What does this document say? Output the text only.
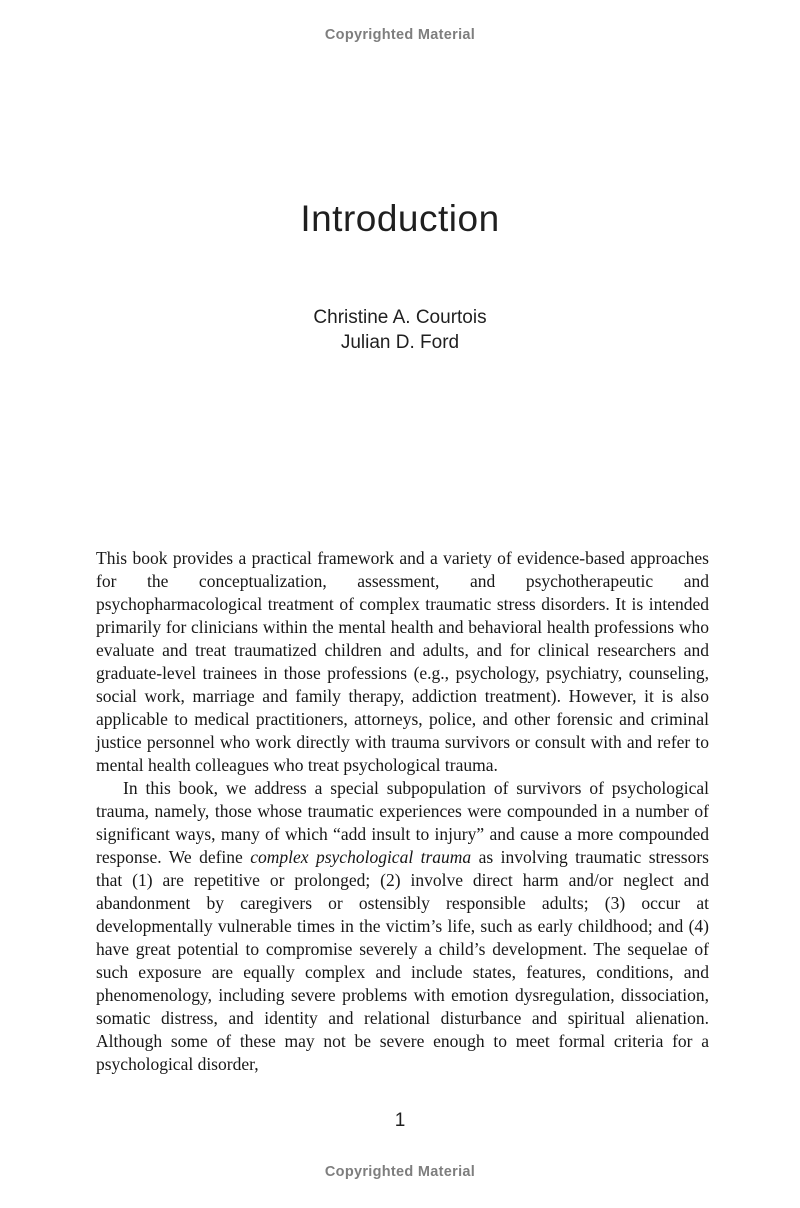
Copyrighted Material
Introduction
Christine A. Courtois
Julian D. Ford

This book provides a practical framework and a variety of evidence-based approaches for the conceptualization, assessment, and psychotherapeutic and psychopharmacological treatment of complex traumatic stress disorders. It is intended primarily for clinicians within the mental health and behavioral health professions who evaluate and treat traumatized children and adults, and for clinical researchers and graduate-level trainees in those professions (e.g., psychology, psychiatry, counseling, social work, marriage and family therapy, addiction treatment). However, it is also applicable to medical practitioners, attorneys, police, and other forensic and criminal justice personnel who work directly with trauma survivors or consult with and refer to mental health colleagues who treat psychological trauma.

In this book, we address a special subpopulation of survivors of psychological trauma, namely, those whose traumatic experiences were compounded in a number of significant ways, many of which “add insult to injury” and cause a more compounded response. We define complex psychological trauma as involving traumatic stressors that (1) are repetitive or prolonged; (2) involve direct harm and/or neglect and abandonment by caregivers or ostensibly responsible adults; (3) occur at developmentally vulnerable times in the victim’s life, such as early childhood; and (4) have great potential to compromise severely a child’s development. The sequelae of such exposure are equally complex and include states, features, conditions, and phenomenology, including severe problems with emotion dysregulation, dissociation, somatic distress, and identity and relational disturbance and spiritual alienation. Although some of these may not be severe enough to meet formal criteria for a psychological disorder,

1
Copyrighted Material
